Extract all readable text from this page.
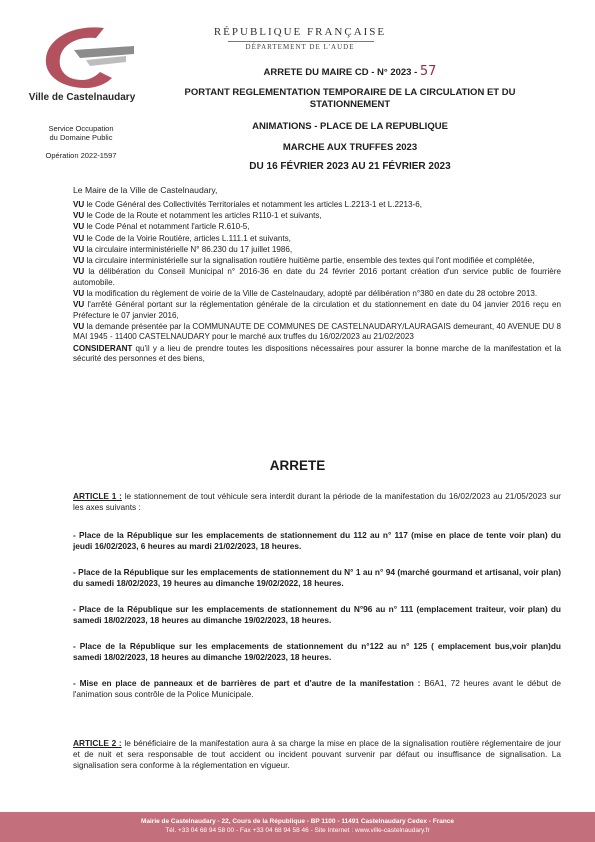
Ville de Castelnaudary
Service Occupation
du Domaine Public
Opération 2022-1597
RÉPUBLIQUE FRANÇAISE
DÉPARTEMENT DE L'AUDE
ARRETE DU MAIRE CD - N° 2023 - 57
PORTANT REGLEMENTATION TEMPORAIRE DE LA CIRCULATION ET DU STATIONNEMENT
ANIMATIONS - PLACE DE LA REPUBLIQUE
MARCHE AUX TRUFFES 2023
DU 16 FÉVRIER 2023 AU 21 FÉVRIER 2023
Le Maire de la Ville de Castelnaudary,
VU le Code Général des Collectivités Territoriales et notamment les articles L.2213-1 et L.2213-6,
VU le Code de la Route et notamment les articles R110-1 et suivants,
VU le Code Pénal et notamment l'article R.610-5,
VU le Code de la Voirie Routière, articles L.111.1 et suivants,
VU la circulaire interministérielle N° 86.230 du 17 juillet 1986,
VU la circulaire interministérielle sur la signalisation routière huitième partie, ensemble des textes qui l'ont modifiée et complétée,
VU la délibération du Conseil Municipal n° 2016-36 en date du 24 février 2016 portant création d'un service public de fourrière automobile.
VU la modification du règlement de voirie de la Ville de Castelnaudary, adopté par délibération n°380 en date du 28 octobre 2013.
VU l'arrêté Général portant sur la réglementation générale de la circulation et du stationnement en date du 04 janvier 2016 reçu en Préfecture le 07 janvier 2016,
VU la demande présentée par la COMMUNAUTE DE COMMUNES DE CASTELNAUDARY/LAURAGAIS demeurant, 40 AVENUE DU 8 MAI 1945 - 11400 CASTELNAUDARY pour le marché aux truffes du 16/02/2023 au 21/02/2023
CONSIDERANT qu'il y a lieu de prendre toutes les dispositions nécessaires pour assurer la bonne marche de la manifestation et la sécurité des personnes et des biens,
ARRETE

ARTICLE 1 : le stationnement de tout véhicule sera interdit durant la période de la manifestation du 16/02/2023 au 21/05/2023 sur les axes suivants :

- Place de la République sur les emplacements de stationnement du 112 au n° 117 (mise en place de tente voir plan) du jeudi 16/02/2023, 6 heures au mardi 21/02/2023, 18 heures.
- Place de la République sur les emplacements de stationnement du N° 1 au n° 94 (marché gourmand et artisanal, voir plan) du samedi 18/02/2023, 19 heures au dimanche 19/02/2022, 18 heures.
- Place de la République sur les emplacements de stationnement du N°96 au n° 111 (emplacement traiteur, voir plan) du samedi 18/02/2023, 18 heures au dimanche 19/02/2023, 18 heures.
- Place de la République sur les emplacements de stationnement du n°122 au n° 125 ( emplacement bus,voir plan)du samedi 18/02/2023, 18 heures au dimanche 19/02/2023, 18 heures.
- Mise en place de panneaux et de barrières de part et d'autre de la manifestation : B6A1, 72 heures avant le début de l'animation sous contrôle de la Police Municipale.

ARTICLE 2 : le bénéficiaire de la manifestation aura à sa charge la mise en place de la signalisation routière réglementaire de jour et de nuit et sera responsable de tout accident ou incident pouvant survenir par défaut ou insuffisance de signalisation. La signalisation sera conforme à la réglementation en vigueur.

Mairie de Castelnaudary - 22, Cours de la République - BP 1100 - 11491 Castelnaudary Cedex - France
Tél. +33 04 68 94 58 00 - Fax +33 04 68 94 58 46 - Site Internet : www.ville-castelnaudary.fr
